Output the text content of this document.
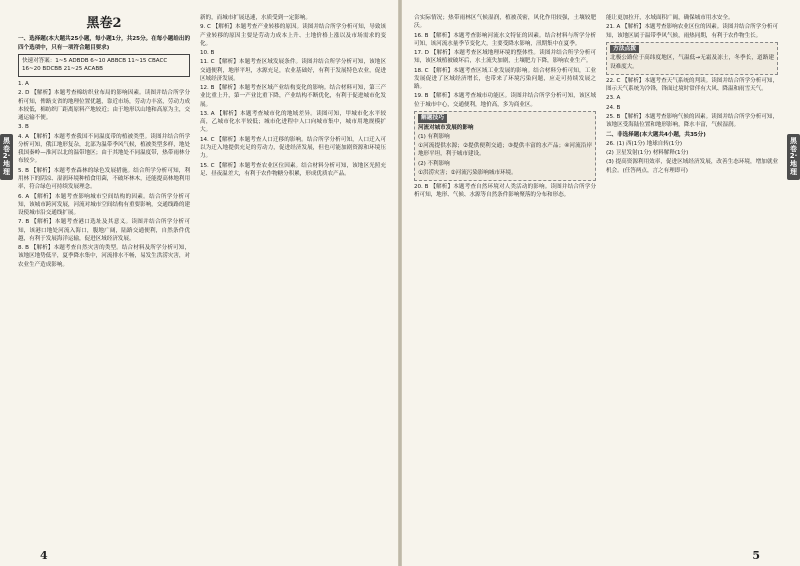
黑卷2·地理
黑卷2

一、选择题(本大题共25小题，每小题1分，共25分。在每小题给出的四个选项中，只有一项符合题目要求)

快速对答案：1~5 ADBDB 6~10 ABBCB 11~15 CBACC 16~20 BDCBB 21~25 ACABB

1. A

2. D 【解析】本题考查棉纺织业布局的影响因素。读图并结合所学分析可知，俾路支省的地理位置优越，靠近市场，劳动力丰富，劳动力成本较低，棉纺织厂距离原料产地较近；由于地形以山地和高原为主，交通运输不便。

3. B

4. A 【解析】本题考查我国不同温度带的植被类型。读图并结合所学分析可知，俄江地形复杂，北部为温带季风气候，植被类型多样，地处我国秦岭—淮河以北的温带地区；由于其地处不同温度带，热带雨林分布较少。

5. B 【解析】本题考查森林的绿色发展措施。结合所学分析可知，利用林下的阴凉、湿润环境种植食用菌，不破坏林木，还能提高林地利用率，符合绿色可持续发展理念。

6. A 【解析】本题考查影响城市空间结构的因素。结合所学分析可知，该城市跨河发展，河流对城市空间结构有重要影响，交通线路的建设使城市沿交通线扩展。

7. B 【解析】本题考查港口选址及其意义。读图并结合所学分析可知，该港口地处河流入海口，腹地广阔，陆路交通便利，自然条件优越，有利于发展海洋运输，促进区域经济发展。

8. B 【解析】本题考查自然灾害的类型。结合材料及所学分析可知，该地区地势低平，夏季降水集中，河流排水不畅，易发生洪涝灾害，对农业生产造成影响。

新的，而城市扩展迅速，水质受到一定影响。

9. C 【解析】本题考查产业转移的原因。读图并结合所学分析可知，导致该产业转移的原因主要是劳动力成本上升、土地价格上涨以及市场需求的变化。

10. B

11. C 【解析】本题考查区域发展条件。读图并结合所学分析可知，该地区交通便利，地形平坦，水源充足，农业基础好，有利于发展特色农业，促进区域经济发展。

12. B 【解析】本题考查区域产业结构变化的影响。结合材料可知，第三产业比重上升，第一产业比重下降，产业结构不断优化，有利于促进城市化发展。

13. A 【解析】本题考查城市化的地域差异。读图可知，甲城市化水平较高，乙城市化水平较低；城市化进程中人口向城市集中，城市用地规模扩大。

14. C 【解析】本题考查人口迁移的影响。结合所学分析可知，人口迁入可以为迁入地提供充足的劳动力，促进经济发展，但也可能加剧资源和环境压力。

15. C 【解析】本题考查农业区位因素。结合材料分析可知，该地区光照充足、昼夜温差大，有利于农作物糖分积累，形成优质农产品。

4
黑卷2·地理

合实际情况；热带雨林区气候湿润，植被茂密，风化作用较强，土壤较肥沃。

16. B 【解析】本题考查影响河流水文特征的因素。结合材料与所学分析可知，该河流水量季节变化大，主要受降水影响，汛期集中在夏季。

17. D 【解析】本题考查区域地理环境的整体性。读图并结合所学分析可知，该区域植被破坏后，水土流失加剧，土壤肥力下降，影响农业生产。

18. C 【解析】本题考查区域工业发展的影响。结合材料分析可知，工业发展促进了区域经济增长，也带来了环境污染问题，应走可持续发展之路。

19. B 【解析】本题考查城市功能区。读图并结合所学分析可知，该区域位于城市中心，交通便利，地价高，多为商业区。

解题技巧

河流对城市发展的影响

(1) 有利影响

①河流提供水源；②提供便利交通；③提供丰富的水产品；④河流沿岸地形平坦，利于城市建设。

(2) 不利影响

①洪涝灾害；②河流污染影响城市环境。

20. B 【解析】本题考查自然环境对人类活动的影响。读图并结合所学分析可知，地形、气候、水源等自然条件影响聚落的分布和形态。

能让更加拉开，水域面积广阔，确保城市用水安全。

21. A 【解析】本题考查影响农业区位的因素。读图并结合所学分析可知，该地区属于温带季风气候，雨热同期，有利于农作物生长。

方法点拨

北极公路位于高纬度地区，气温低→无霜及冻土，冬季长，道路建设难度大。

22. C 【解析】本题考查天气系统的判读。读图并结合所学分析可知，图示天气系统为冷锋，锋面过境时常伴有大风、降温和雨雪天气。

23. A

24. B

25. B 【解析】本题考查影响气候的因素。读图并结合所学分析可知，该地区受海陆位置和地形影响，降水丰富，气候湿润。

二、非选择题(本大题共4小题，共35分)

26. (1) 西(1分) 地球自转(1分)

(2) 卫星发射(1分) 材料解释(1分)

(3) 提高资源利用效率，促进区域经济发展，改善生态环境，增加就业机会。(任答两点，言之有理即可)

5
